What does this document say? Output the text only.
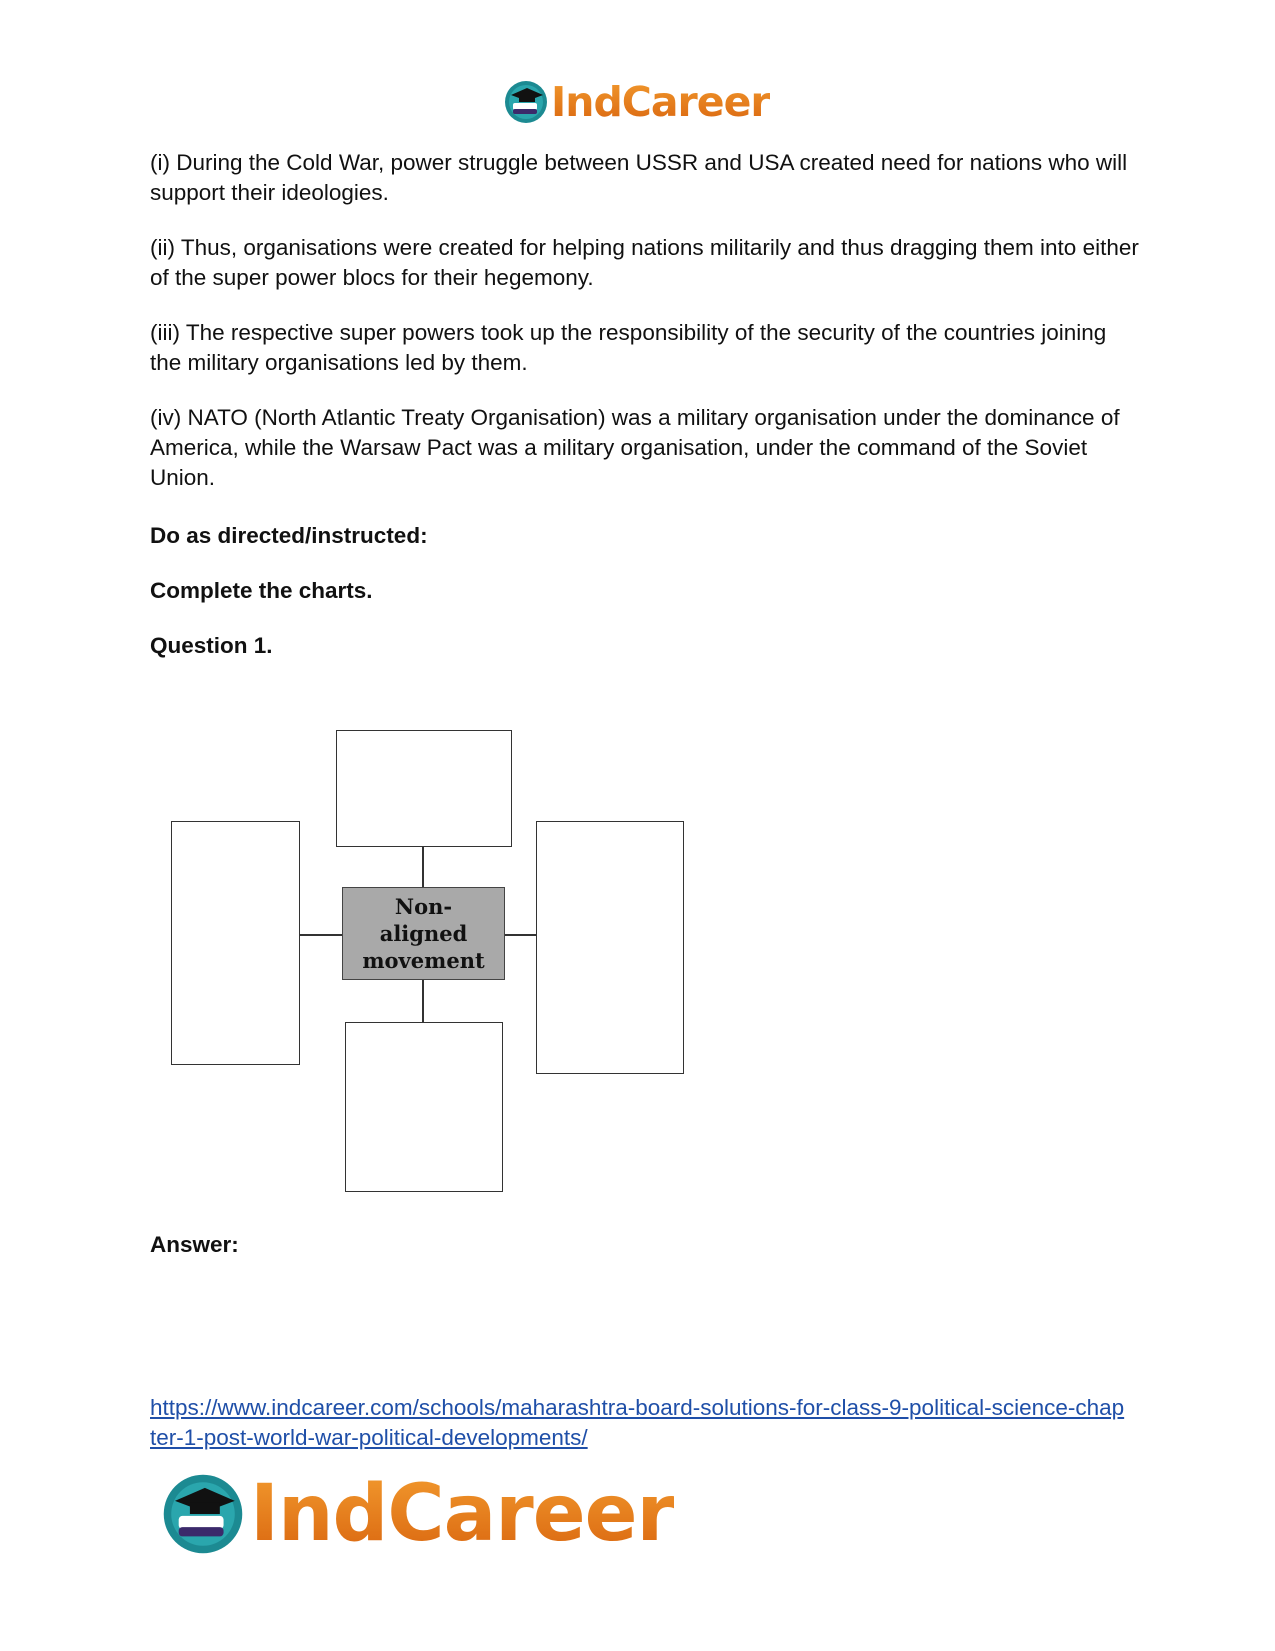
IndCareer

(i) During the Cold War, power struggle between USSR and USA created need for nations who will support their ideologies.

(ii) Thus, organisations were created for helping nations militarily and thus dragging them into either of the super power blocs for their hegemony.

(iii) The respective super powers took up the responsibility of the security of the countries joining the military organisations led by them.

(iv) NATO (North Atlantic Treaty Organisation) was a military organisation under the dominance of America, while the Warsaw Pact was a military organisation, under the command of the Soviet Union.

Do as directed/instructed:

Complete the charts.

Question 1.

Non-aligned movement

Answer:

https://www.indcareer.com/schools/maharashtra-board-solutions-for-class-9-political-science-chapter-1-post-world-war-political-developments/
IndCareer
